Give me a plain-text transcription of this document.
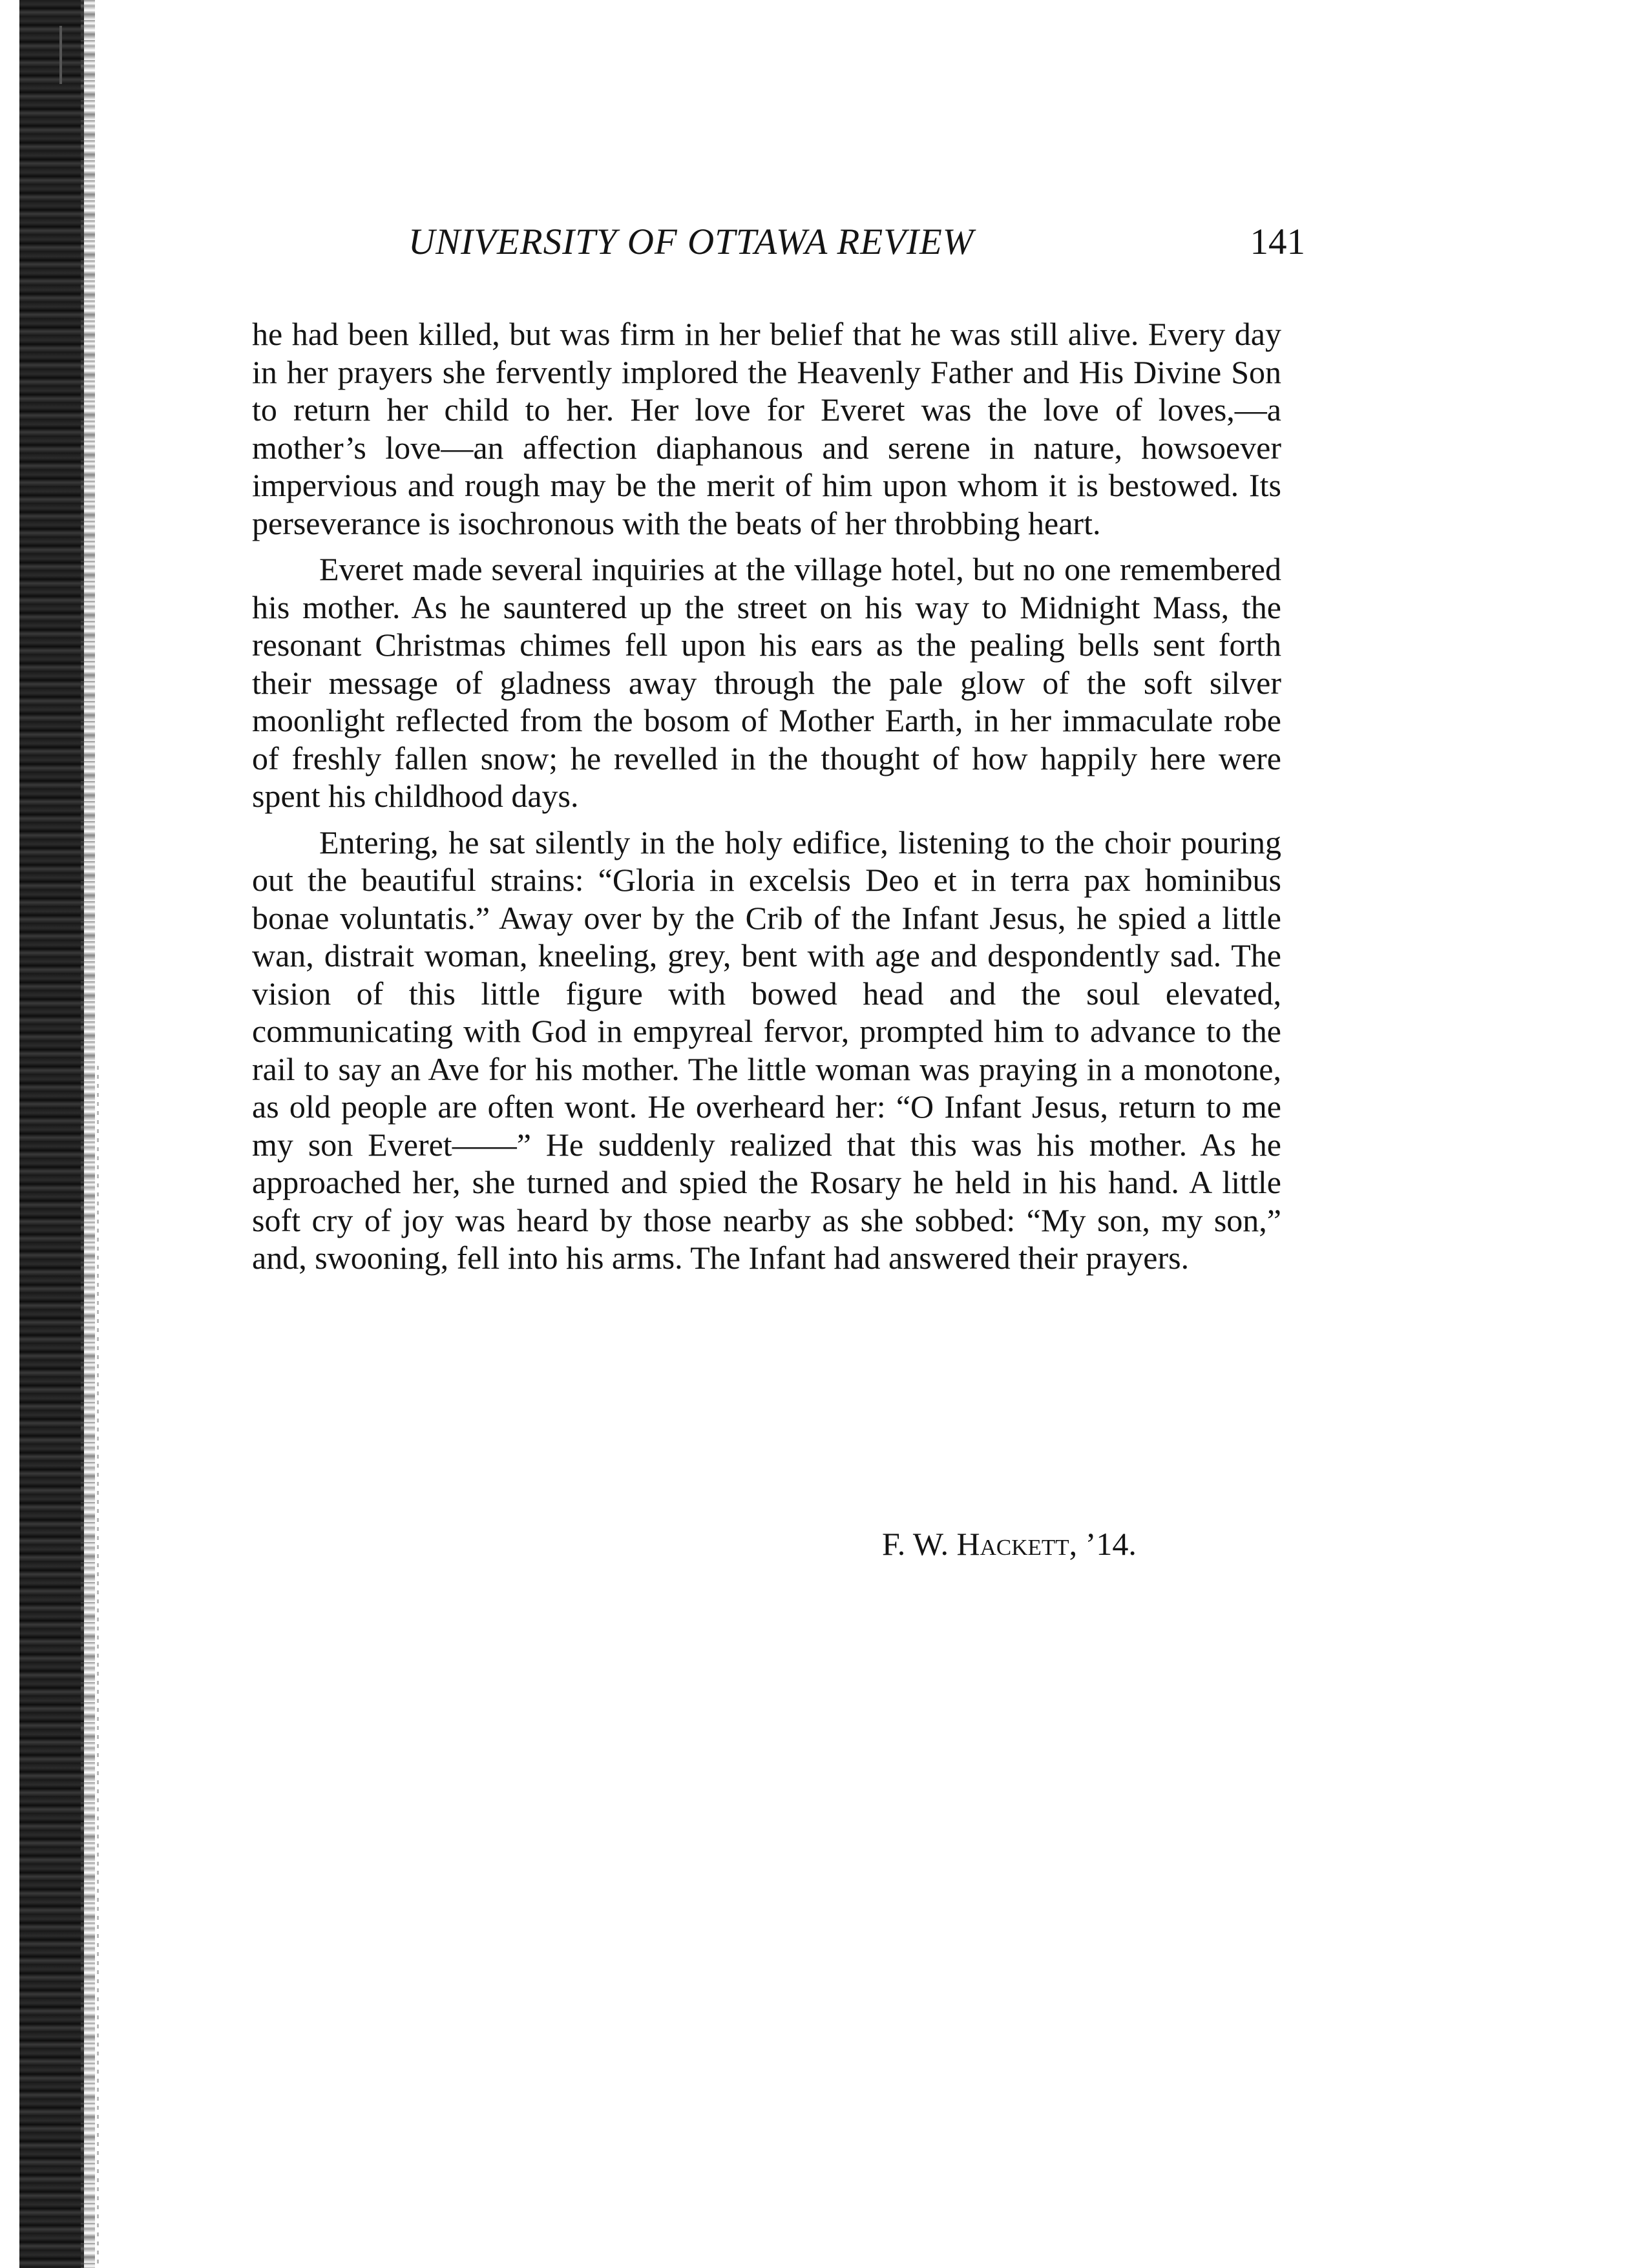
UNIVERSITY OF OTTAWA REVIEW	141

he had been killed, but was firm in her belief that he was still alive. Every day in her prayers she fervently implored the Heavenly Father and His Divine Son to return her child to her. Her love for Everet was the love of loves,—a mother’s love—an affection diaphanous and serene in nature, howsoever impervious and rough may be the merit of him upon whom it is bestowed. Its perseverance is isochronous with the beats of her throbbing heart.

Everet made several inquiries at the village hotel, but no one remembered his mother. As he sauntered up the street on his way to Midnight Mass, the resonant Christmas chimes fell upon his ears as the pealing bells sent forth their message of gladness away through the pale glow of the soft silver moonlight reflected from the bosom of Mother Earth, in her immaculate robe of freshly fallen snow; he revelled in the thought of how happily here were spent his childhood days.

Entering, he sat silently in the holy edifice, listening to the choir pouring out the beautiful strains: “Gloria in excelsis Deo et in terra pax hominibus bonae voluntatis.” Away over by the Crib of the Infant Jesus, he spied a little wan, distrait woman, kneeling, grey, bent with age and despondently sad. The vision of this little figure with bowed head and the soul elevated, communicating with God in empyreal fervor, prompted him to advance to the rail to say an Ave for his mother. The little woman was praying in a monotone, as old people are often wont. He overheard her: “O Infant Jesus, return to me my son Everet——” He suddenly realized that this was his mother. As he approached her, she turned and spied the Rosary he held in his hand. A little soft cry of joy was heard by those nearby as she sobbed: “My son, my son,” and, swooning, fell into his arms. The Infant had answered their prayers.

F. W. Hackett, ’14.
